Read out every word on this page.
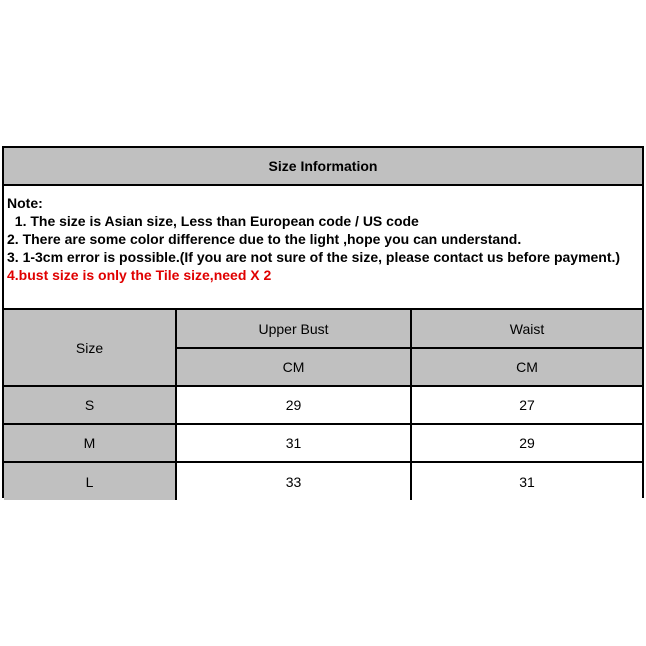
Size Information
Note:
1. The size is Asian size, Less than European code / US code
2. There are some color difference due to the light ,hope you can understand.
3. 1-3cm error is possible.(If you are not sure of the size, please contact us before payment.)
4.bust size is only the Tile size,need X 2
Size	Upper Bust	Waist
	CM	CM
S	29	27
M	31	29
L	33	31
